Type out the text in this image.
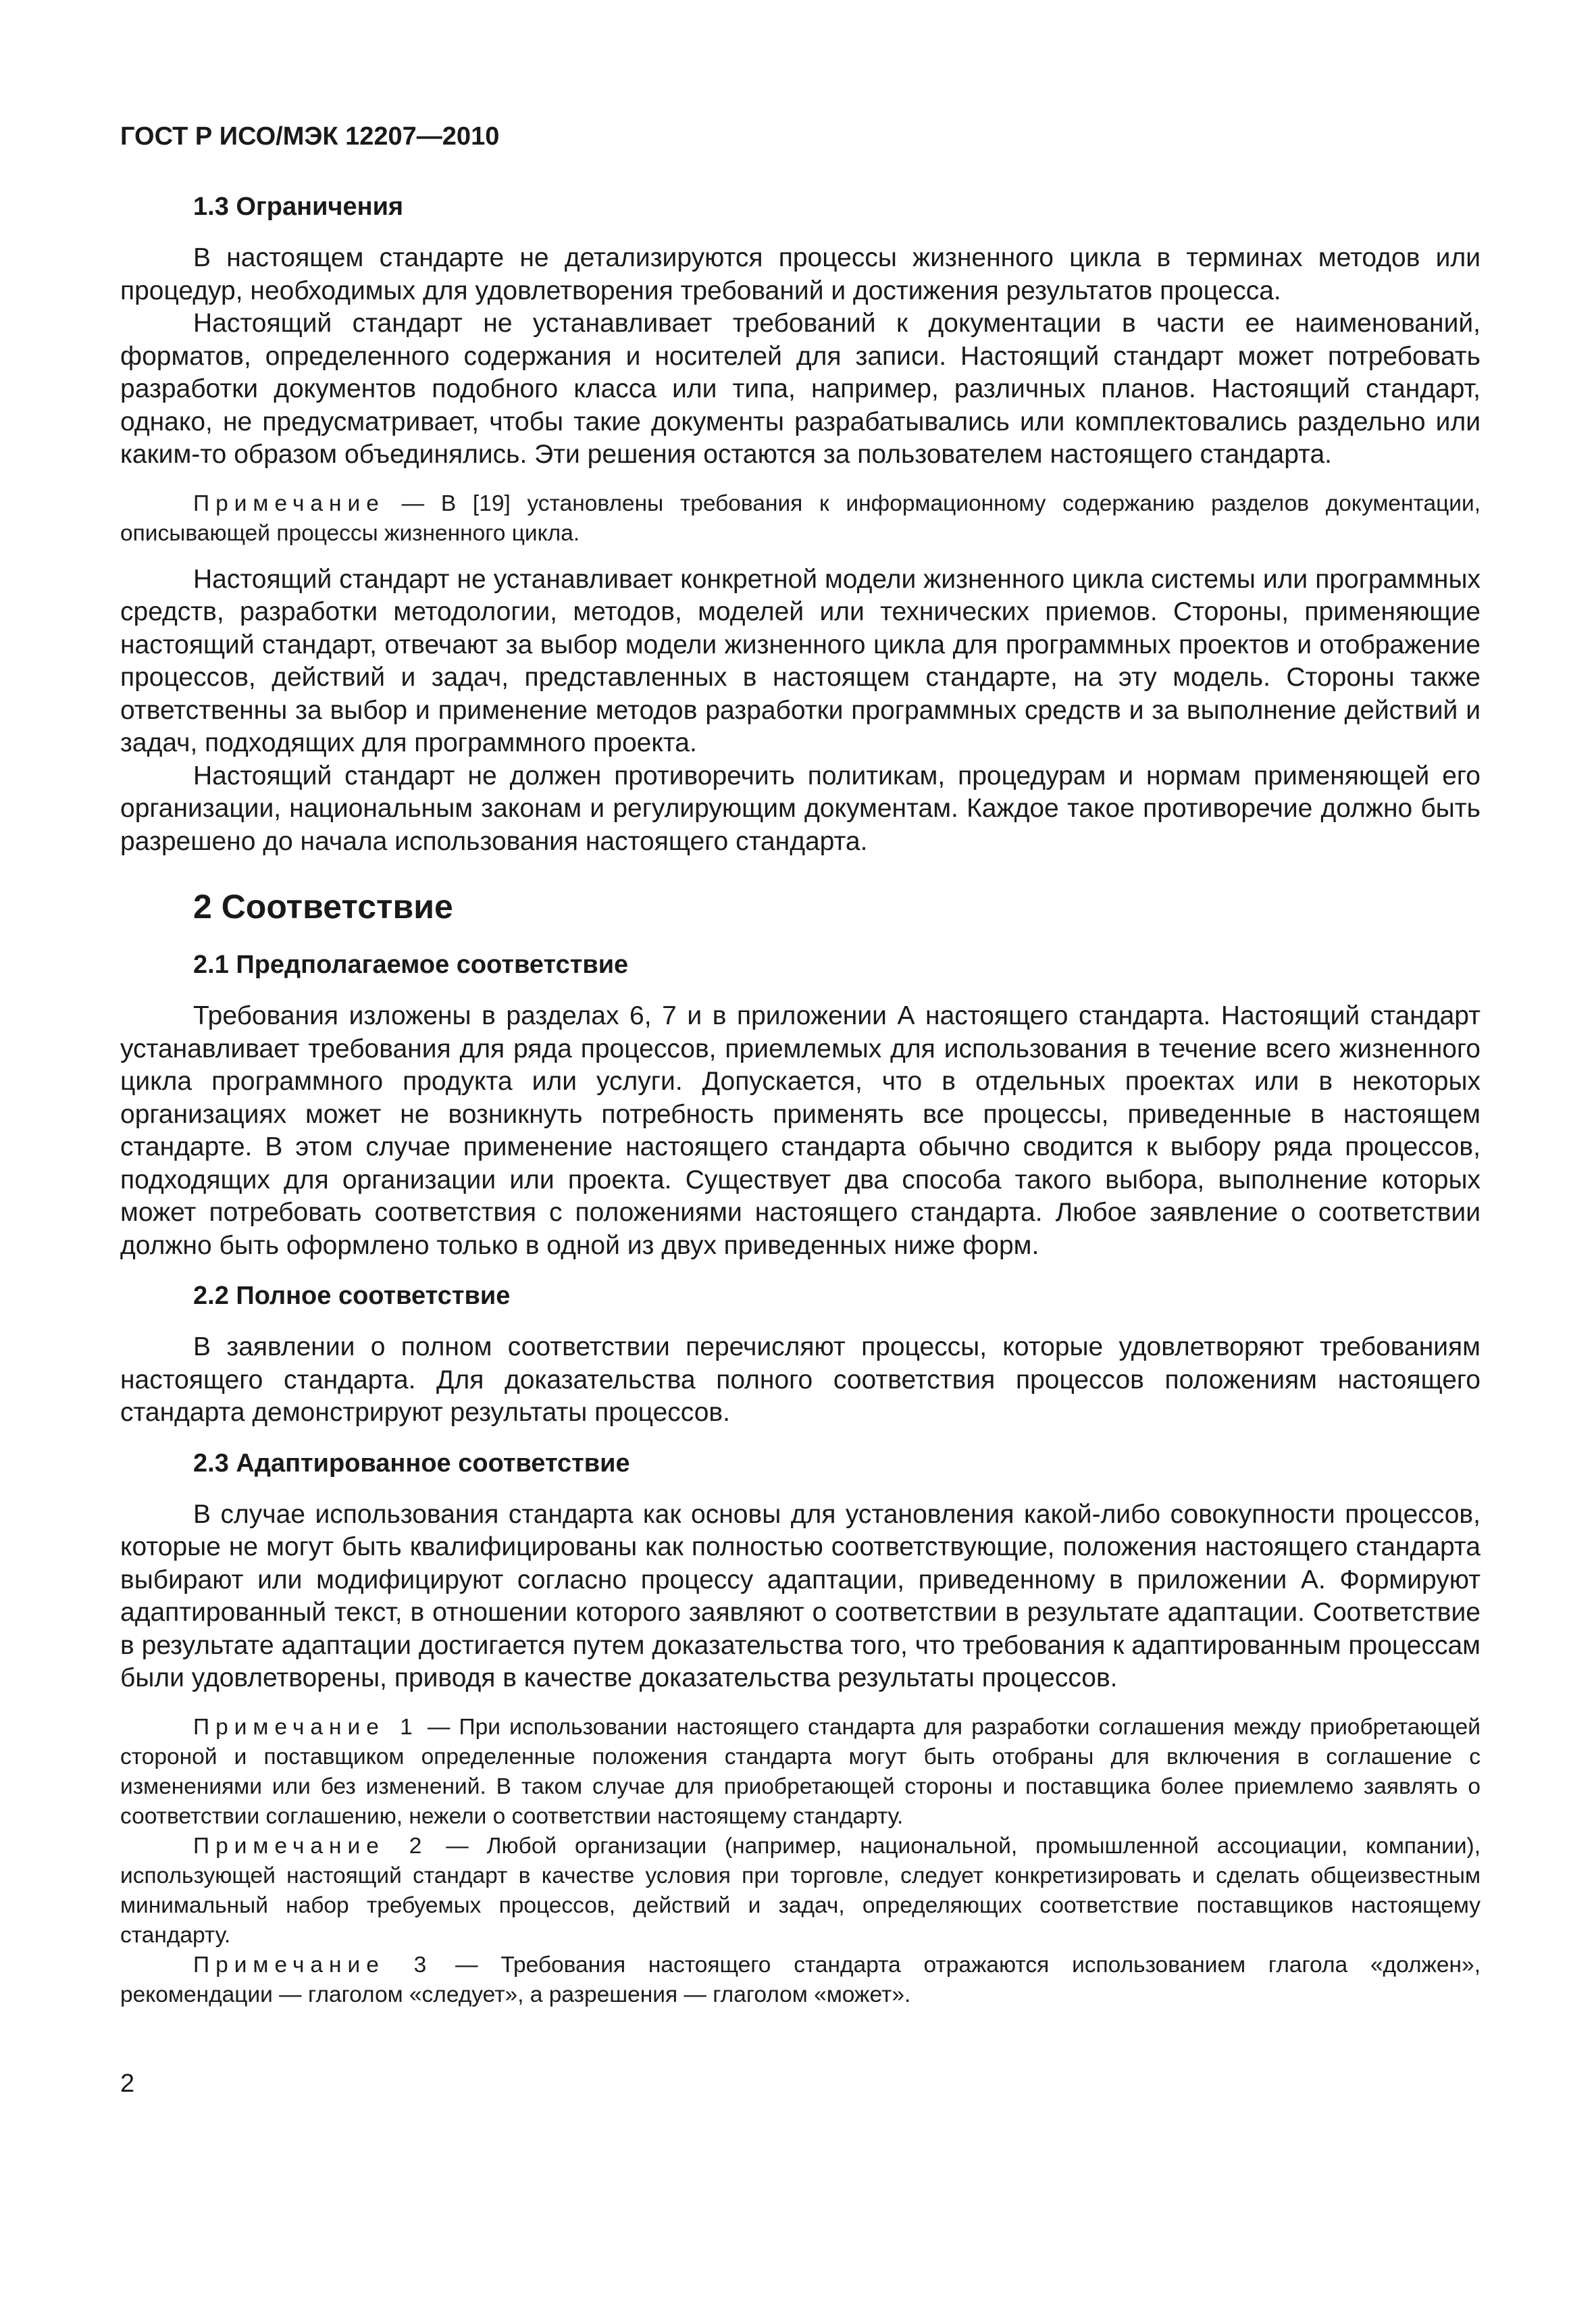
ГОСТ Р ИСО/МЭК 12207—2010
1.3 Ограничения

В настоящем стандарте не детализируются процессы жизненного цикла в терминах методов или процедур, необходимых для удовлетворения требований и достижения результатов процесса.

Настоящий стандарт не устанавливает требований к документации в части ее наименований, форматов, определенного содержания и носителей для записи. Настоящий стандарт может потребовать разработки документов подобного класса или типа, например, различных планов. Настоящий стандарт, однако, не предусматривает, чтобы такие документы разрабатывались или комплектовались раздельно или каким-то образом объединялись. Эти решения остаются за пользователем настоящего стандарта.

Примечание — В [19] установлены требования к информационному содержанию разделов документации, описывающей процессы жизненного цикла.

Настоящий стандарт не устанавливает конкретной модели жизненного цикла системы или программных средств, разработки методологии, методов, моделей или технических приемов. Стороны, применяющие настоящий стандарт, отвечают за выбор модели жизненного цикла для программных проектов и отображение процессов, действий и задач, представленных в настоящем стандарте, на эту модель. Стороны также ответственны за выбор и применение методов разработки программных средств и за выполнение действий и задач, подходящих для программного проекта.

Настоящий стандарт не должен противоречить политикам, процедурам и нормам применяющей его организации, национальным законам и регулирующим документам. Каждое такое противоречие должно быть разрешено до начала использования настоящего стандарта.

2 Соответствие
2.1 Предполагаемое соответствие

Требования изложены в разделах 6, 7 и в приложении А настоящего стандарта. Настоящий стандарт устанавливает требования для ряда процессов, приемлемых для использования в течение всего жизненного цикла программного продукта или услуги. Допускается, что в отдельных проектах или в некоторых организациях может не возникнуть потребность применять все процессы, приведенные в настоящем стандарте. В этом случае применение настоящего стандарта обычно сводится к выбору ряда процессов, подходящих для организации или проекта. Существует два способа такого выбора, выполнение которых может потребовать соответствия с положениями настоящего стандарта. Любое заявление о соответствии должно быть оформлено только в одной из двух приведенных ниже форм.

2.2 Полное соответствие

В заявлении о полном соответствии перечисляют процессы, которые удовлетворяют требованиям настоящего стандарта. Для доказательства полного соответствия процессов положениям настоящего стандарта демонстрируют результаты процессов.

2.3 Адаптированное соответствие

В случае использования стандарта как основы для установления какой-либо совокупности процессов, которые не могут быть квалифицированы как полностью соответствующие, положения настоящего стандарта выбирают или модифицируют согласно процессу адаптации, приведенному в приложении А. Формируют адаптированный текст, в отношении которого заявляют о соответствии в результате адаптации. Соответствие в результате адаптации достигается путем доказательства того, что требования к адаптированным процессам были удовлетворены, приводя в качестве доказательства результаты процессов.

Примечание 1 — При использовании настоящего стандарта для разработки соглашения между приобретающей стороной и поставщиком определенные положения стандарта могут быть отобраны для включения в соглашение с изменениями или без изменений. В таком случае для приобретающей стороны и поставщика более приемлемо заявлять о соответствии соглашению, нежели о соответствии настоящему стандарту.

Примечание 2 — Любой организации (например, национальной, промышленной ассоциации, компании), использующей настоящий стандарт в качестве условия при торговле, следует конкретизировать и сделать общеизвестным минимальный набор требуемых процессов, действий и задач, определяющих соответствие поставщиков настоящему стандарту.

Примечание 3 — Требования настоящего стандарта отражаются использованием глагола «должен», рекомендации — глаголом «следует», а разрешения — глаголом «может».

2
